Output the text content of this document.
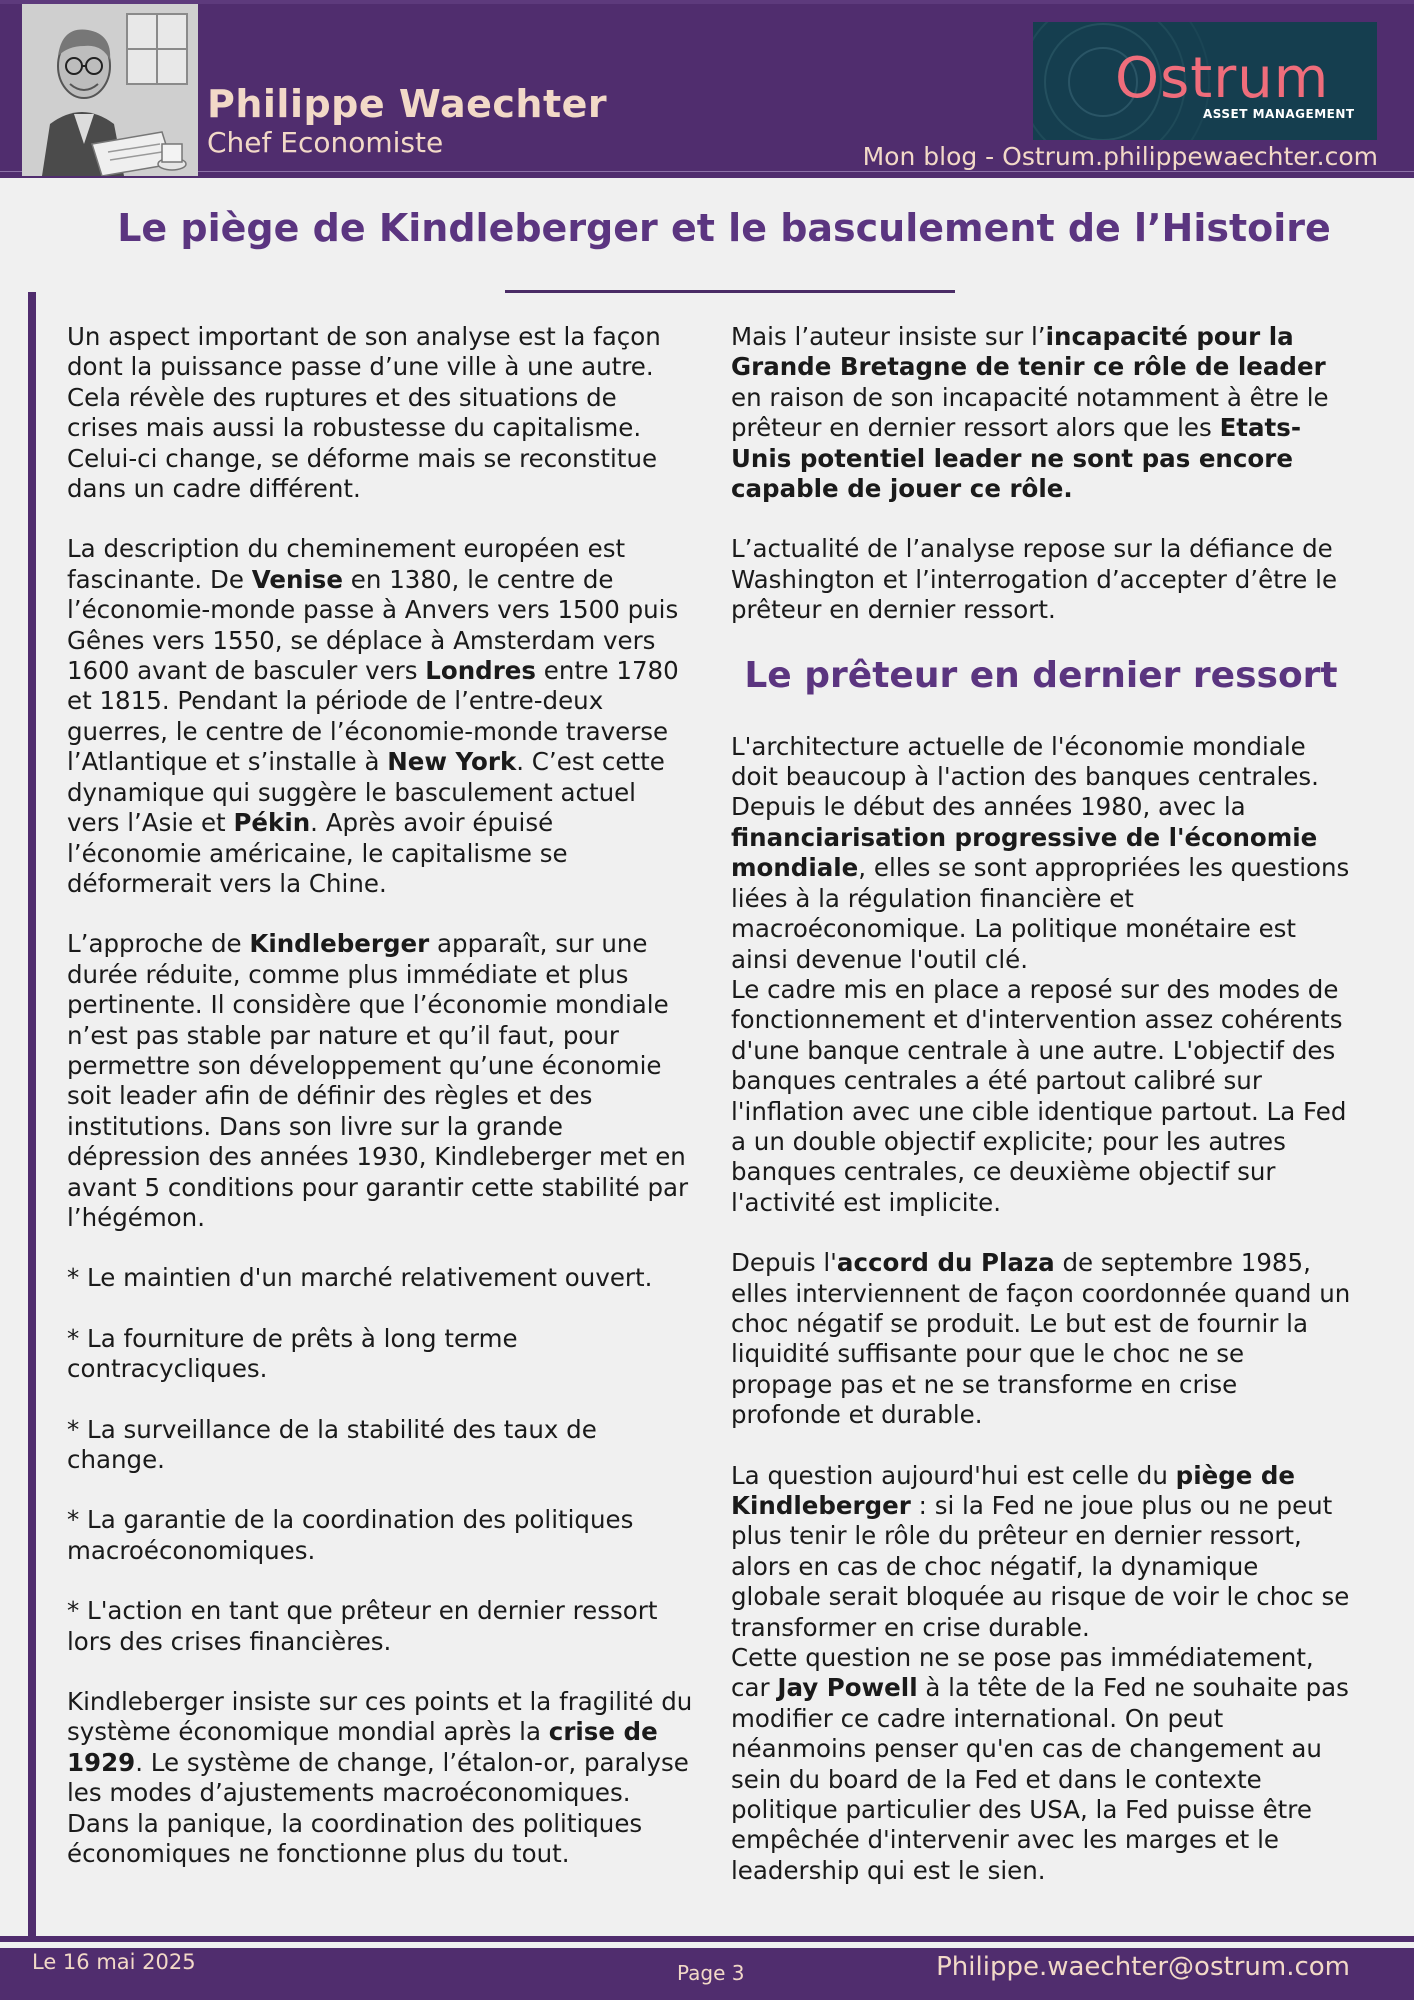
Philippe Waechter
Chef Economiste
Ostrum
ASSET MANAGEMENT
Mon blog - Ostrum.philippewaechter.com
Le piège de Kindleberger et le basculement de l’Histoire

Un aspect important de son analyse est la façon dont la puissance passe d’une ville à une autre. Cela révèle des ruptures et des situations de crises mais aussi la robustesse du capitalisme. Celui-ci change, se déforme mais se reconstitue dans un cadre différent.

La description du cheminement européen est fascinante. De Venise en 1380, le centre de l’économie-monde passe à Anvers vers 1500 puis Gênes vers 1550, se déplace à Amsterdam vers 1600 avant de basculer vers Londres entre 1780 et 1815. Pendant la période de l’entre-deux guerres, le centre de l’économie-monde traverse l’Atlantique et s’installe à New York. C’est cette dynamique qui suggère le basculement actuel vers l’Asie et Pékin. Après avoir épuisé l’économie américaine, le capitalisme se déformerait vers la Chine.

L’approche de Kindleberger apparaît, sur une durée réduite, comme plus immédiate et plus pertinente. Il considère que l’économie mondiale n’est pas stable par nature et qu’il faut, pour permettre son développement qu’une économie soit leader afin de définir des règles et des institutions. Dans son livre sur la grande dépression des années 1930, Kindleberger met en avant 5 conditions pour garantir cette stabilité par l’hégémon.

* Le maintien d'un marché relativement ouvert.

* La fourniture de prêts à long terme contracycliques.

* La surveillance de la stabilité des taux de change.

* La garantie de la coordination des politiques macroéconomiques.

* L'action en tant que prêteur en dernier ressort lors des crises financières.

Kindleberger insiste sur ces points et la fragilité du système économique mondial après la crise de 1929. Le système de change, l’étalon-or, paralyse les modes d’ajustements macroéconomiques. Dans la panique, la coordination des politiques économiques ne fonctionne plus du tout.

Mais l’auteur insiste sur l’incapacité pour la Grande Bretagne de tenir ce rôle de leader en raison de son incapacité notamment à être le prêteur en dernier ressort alors que les Etats-Unis potentiel leader ne sont pas encore capable de jouer ce rôle.

L’actualité de l’analyse repose sur la défiance de Washington et l’interrogation d’accepter d’être le prêteur en dernier ressort.

Le prêteur en dernier ressort

L'architecture actuelle de l'économie mondiale doit beaucoup à l'action des banques centrales. Depuis le début des années 1980, avec la financiarisation progressive de l'économie mondiale, elles se sont appropriées les questions liées à la régulation financière et macroéconomique. La politique monétaire est ainsi devenue l'outil clé.

Le cadre mis en place a reposé sur des modes de fonctionnement et d'intervention assez cohérents d'une banque centrale à une autre. L'objectif des banques centrales a été partout calibré sur l'inflation avec une cible identique partout. La Fed a un double objectif explicite; pour les autres banques centrales, ce deuxième objectif sur l'activité est implicite.

Depuis l'accord du Plaza de septembre 1985, elles interviennent de façon coordonnée quand un choc négatif se produit. Le but est de fournir la liquidité suffisante pour que le choc ne se propage pas et ne se transforme en crise profonde et durable.

La question aujourd'hui est celle du piège de Kindleberger : si la Fed ne joue plus ou ne peut plus tenir le rôle du prêteur en dernier ressort, alors en cas de choc négatif, la dynamique globale serait bloquée au risque de voir le choc se transformer en crise durable.

Cette question ne se pose pas immédiatement, car Jay Powell à la tête de la Fed ne souhaite pas modifier ce cadre international. On peut néanmoins penser qu'en cas de changement au sein du board de la Fed et dans le contexte politique particulier des USA, la Fed puisse être empêchée d'intervenir avec les marges et le leadership qui est le sien.

Le 16 mai 2025	Page 3	Philippe.waechter@ostrum.com
